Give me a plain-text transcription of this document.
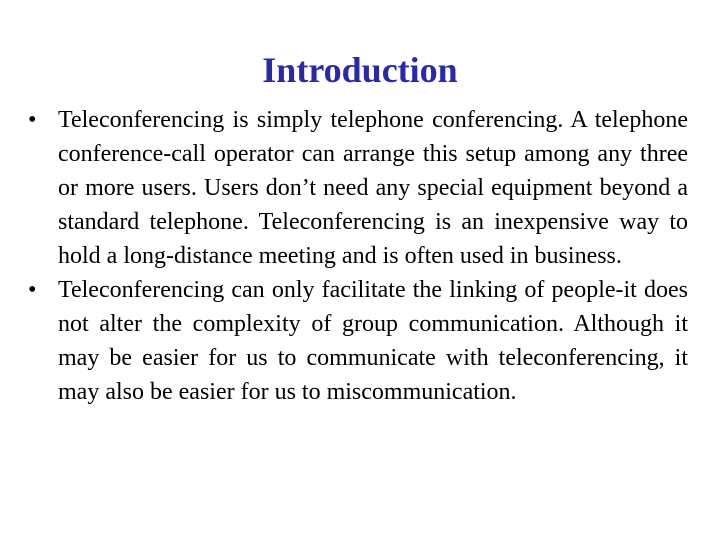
Introduction
• Teleconferencing is simply telephone conferencing. A telephone conference-call operator can arrange this setup among any three or more users. Users don’t need any special equipment beyond a standard telephone. Teleconferencing is an inexpensive way to hold a long-distance meeting and is often used in business.
• Teleconferencing can only facilitate the linking of people-it does not alter the complexity of group communication. Although it may be easier for us to communicate with teleconferencing, it may also be easier for us to miscommunication.
